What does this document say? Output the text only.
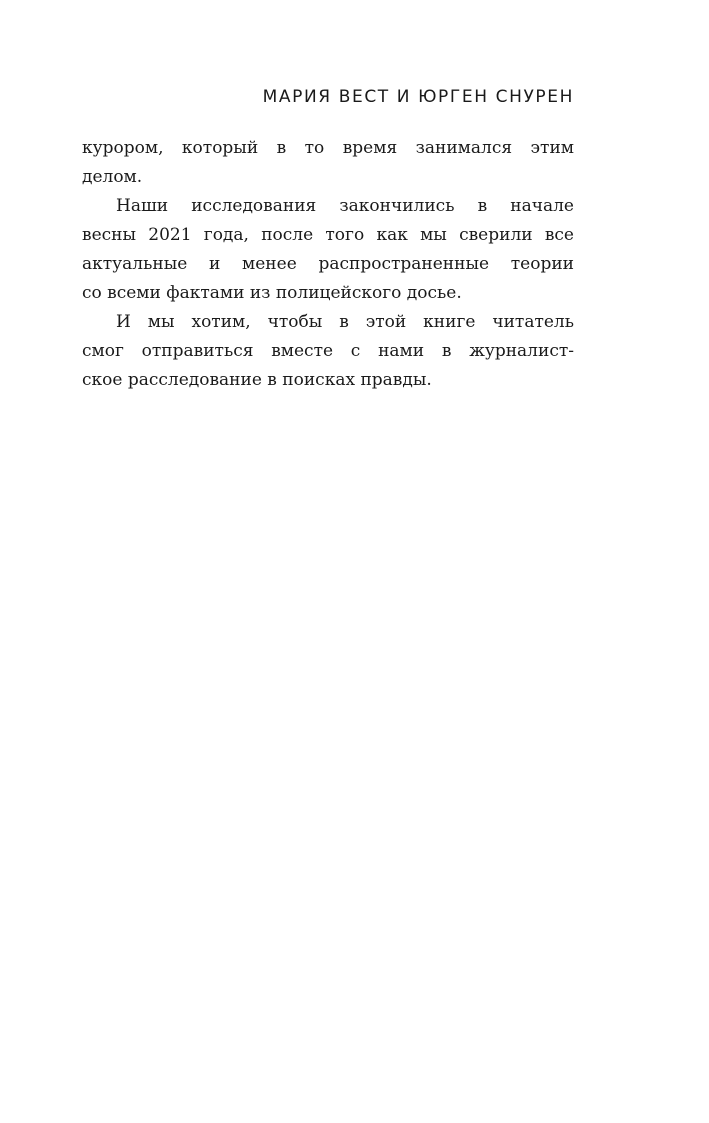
МАРИЯ ВЕСТ И ЮРГЕН СНУРЕН
курором, который в то время занимался этим
делом.
Наши исследования закончились в начале
весны 2021 года, после того как мы сверили все
актуальные и менее распространенные теории
со всеми фактами из полицейского досье.
И мы хотим, чтобы в этой книге читатель
смог отправиться вместе с нами в журналист-
ское расследование в поисках правды.
